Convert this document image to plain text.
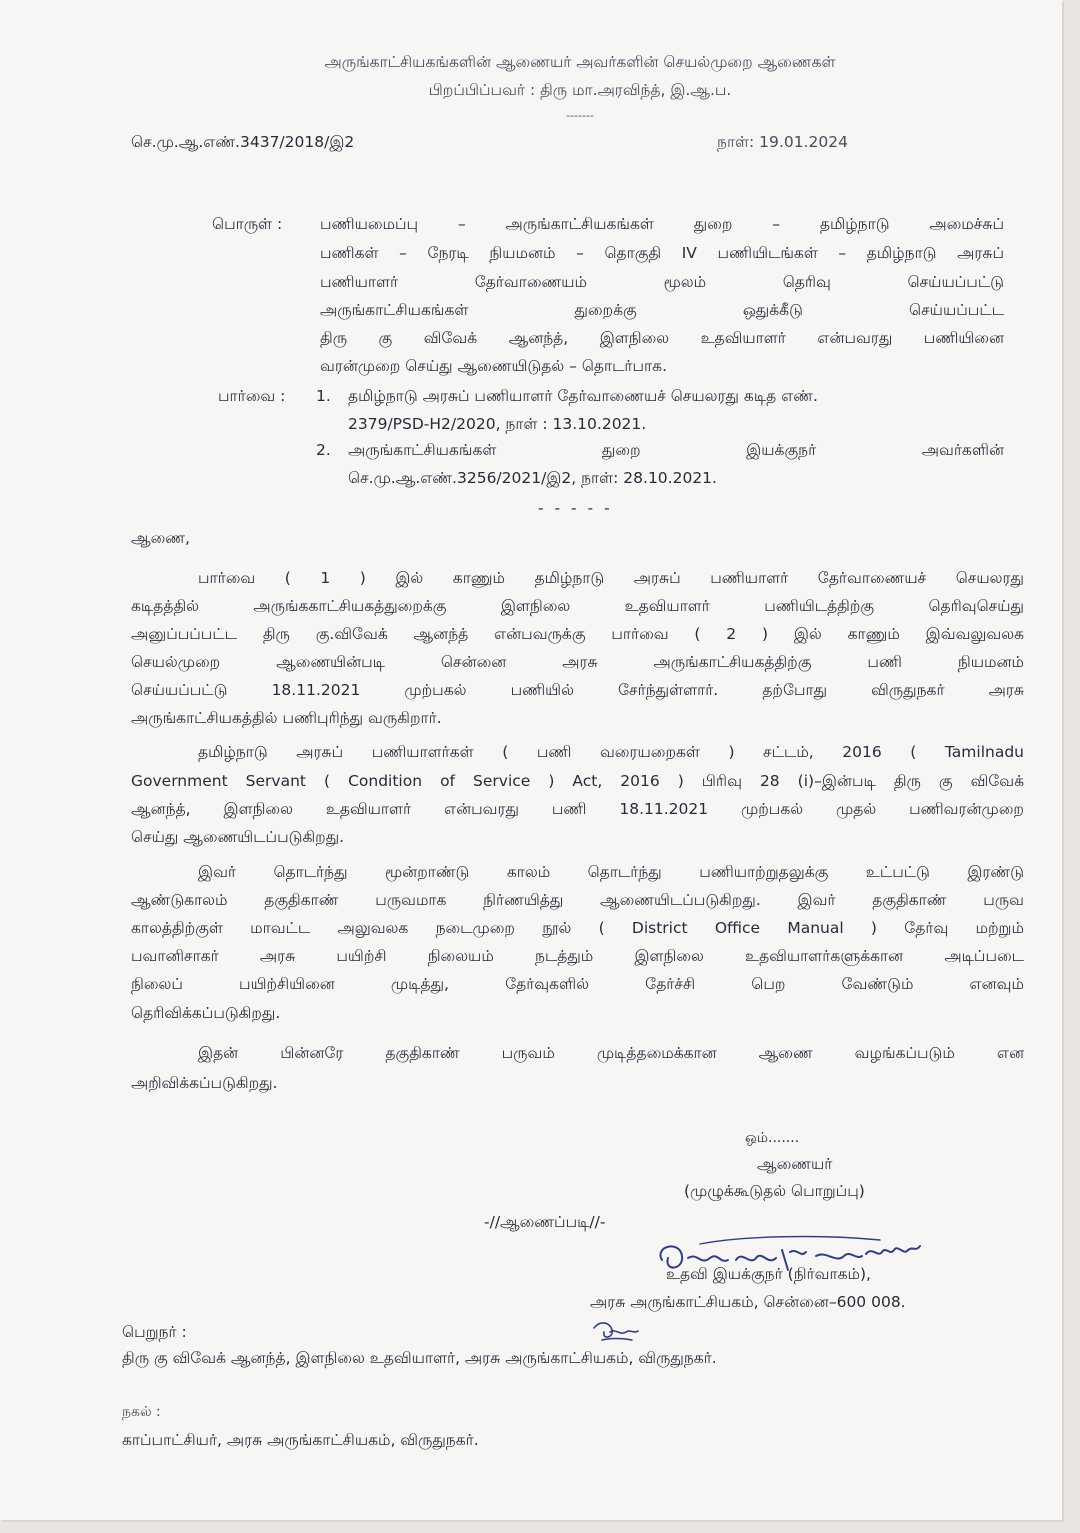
அருங்காட்சியகங்களின் ஆணையர் அவர்களின் செயல்முறை ஆணைகள்
பிறப்பிப்பவர் : திரு மா.அரவிந்த், இ.ஆ.ப.
-------
செ.மு.ஆ.எண்.3437/2018/இ2	நாள்: 19.01.2024
பொருள் : பணியமைப்பு – அருங்காட்சியகங்கள் துறை – தமிழ்நாடு அமைச்சுப்
பணிகள் – நேரடி நியமனம் – தொகுதி IV பணியிடங்கள் – தமிழ்நாடு அரசுப்
பணியாளர் தேர்வாணையம் மூலம் தெரிவு செய்யப்பட்டு
அருங்காட்சியகங்கள் துறைக்கு ஒதுக்கீடு செய்யப்பட்ட
திரு கு விவேக் ஆனந்த், இளநிலை உதவியாளர் என்பவரது பணியினை
வரன்முறை செய்து ஆணையிடுதல் – தொடர்பாக.
பார்வை : 1. தமிழ்நாடு அரசுப் பணியாளர் தேர்வாணையச் செயலரது கடித எண்.
2379/PSD-H2/2020, நாள் : 13.10.2021.
2. அருங்காட்சியகங்கள் துறை இயக்குநர் அவர்களின்
செ.மு.ஆ.எண்.3256/2021/இ2, நாள்: 28.10.2021.
- - - - -
ஆணை,
பார்வை ( 1 ) இல் காணும் தமிழ்நாடு அரசுப் பணியாளர் தேர்வாணையச் செயலரது
கடிதத்தில் அருங்ககாட்சியகத்துறைக்கு இளநிலை உதவியாளர் பணியிடத்திற்கு தெரிவுசெய்து
அனுப்பப்பட்ட திரு கு.விவேக் ஆனந்த் என்பவருக்கு பார்வை ( 2 ) இல் காணும் இவ்வலுவலக
செயல்முறை ஆணையின்படி சென்னை அரசு அருங்காட்சியகத்திற்கு பணி நியமனம்
செய்யப்பட்டு 18.11.2021 முற்பகல் பணியில் சேர்ந்துள்ளார். தற்போது விருதுநகர் அரசு
அருங்காட்சியகத்தில் பணிபுரிந்து வருகிறார்.
தமிழ்நாடு அரசுப் பணியாளர்கள் ( பணி வரையறைகள் ) சட்டம், 2016 ( Tamilnadu
Government Servant ( Condition of Service ) Act, 2016 ) பிரிவு 28 (i)–இன்படி திரு கு விவேக்
ஆனந்த், இளநிலை உதவியாளர் என்பவரது பணி 18.11.2021 முற்பகல் முதல் பணிவரன்முறை
செய்து ஆணையிடப்படுகிறது.
இவர் தொடர்ந்து மூன்றாண்டு காலம் தொடர்ந்து பணியாற்றுதலுக்கு உட்பட்டு இரண்டு
ஆண்டுகாலம் தகுதிகாண் பருவமாக நிர்ணயித்து ஆணையிடப்படுகிறது. இவர் தகுதிகாண் பருவ
காலத்திற்குள் மாவட்ட அலுவலக நடைமுறை நூல் ( District Office Manual ) தேர்வு மற்றும்
பவானிசாகர் அரசு பயிற்சி நிலையம் நடத்தும் இளநிலை உதவியாளர்களுக்கான அடிப்படை
நிலைப் பயிற்சியினை முடித்து, தேர்வுகளில் தேர்ச்சி பெற வேண்டும் எனவும்
தெரிவிக்கப்படுகிறது.
இதன் பின்னரே தகுதிகாண் பருவம் முடித்தமைக்கான ஆணை வழங்கப்படும் என
அறிவிக்கப்படுகிறது.
ஒம்.......
ஆணையர்
(முழுக்கூடுதல் பொறுப்பு)
-//ஆணைப்படி//-
உதவி இயக்குநர் (நிர்வாகம்),
அரசு அருங்காட்சியகம், சென்னை–600 008.
பெறுநர் :
திரு கு விவேக் ஆனந்த், இளநிலை உதவியாளர், அரசு அருங்காட்சியகம், விருதுநகர்.
நகல் :
காப்பாட்சியர், அரசு அருங்காட்சியகம், விருதுநகர்.
